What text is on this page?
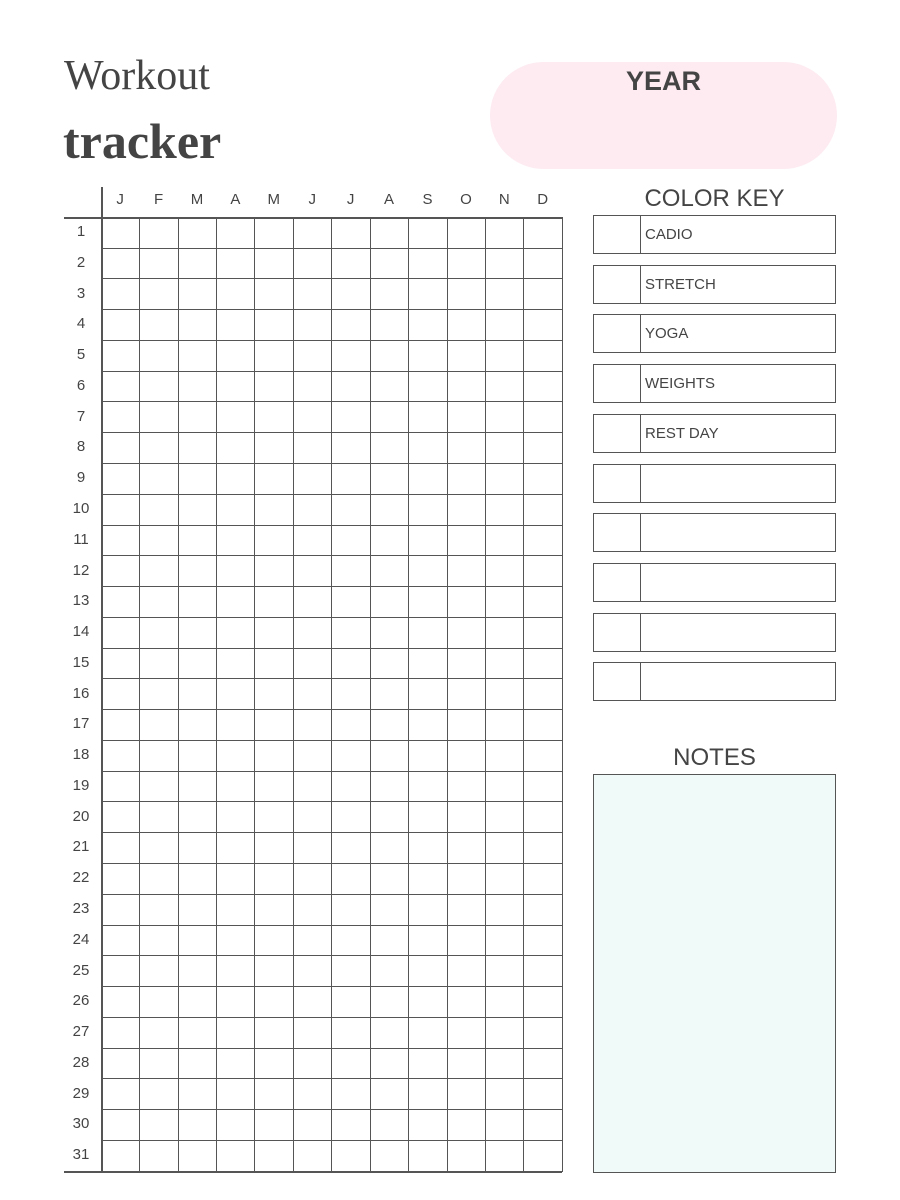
Workout
tracker
YEAR
J	F	M	A	M	J	J	A	S	O	N	D
1
2
3
4
5
6
7
8
9
10
11
12
13
14
15
16
17
18
19
20
21
22
23
24
25
26
27
28
29
30
31
COLOR KEY
CADIO
STRETCH
YOGA
WEIGHTS
REST DAY
NOTES
